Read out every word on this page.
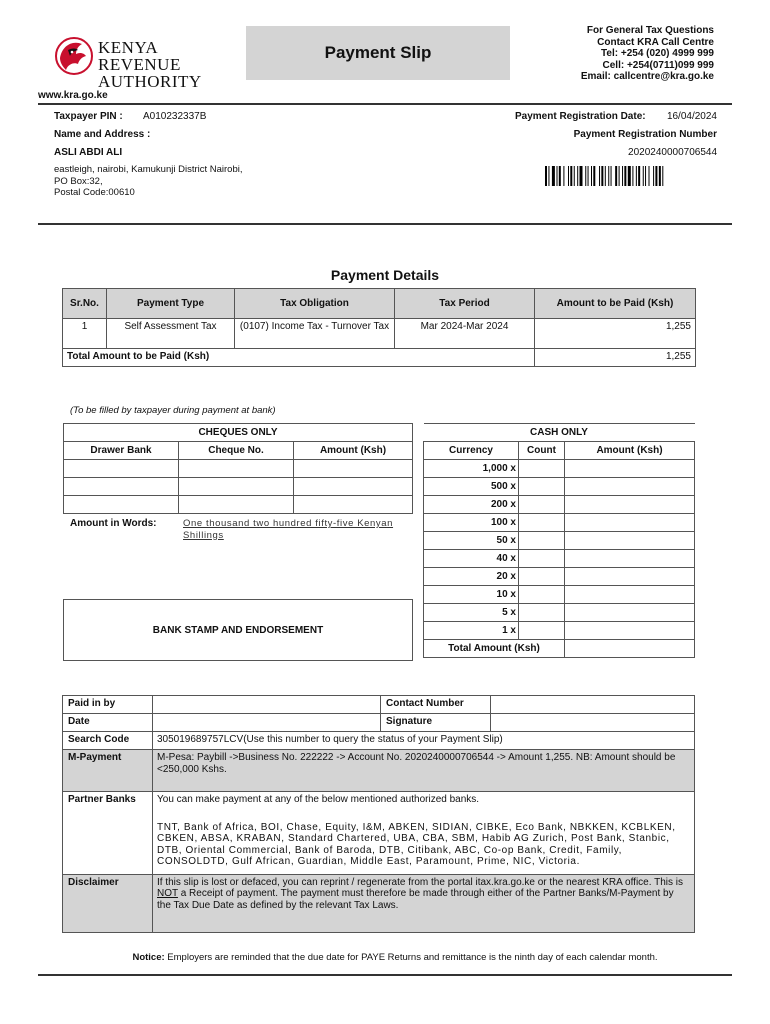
KENYA REVENUE
AUTHORITY
Payment Slip
For General Tax Questions
Contact KRA Call Centre
Tel: +254 (020) 4999 999
Cell: +254(0711)099 999
Email: callcentre@kra.go.ke
www.kra.go.ke
Taxpayer PIN : A010232337B
Name and Address :
ASLI ABDI ALI
eastleigh, nairobi, Kamukunji District Nairobi,
PO Box:32,
Postal Code:00610
Payment Registration Date: 16/04/2024
Payment Registration Number
2020240000706544
Payment Details
Sr.No.	Payment Type	Tax Obligation	Tax Period	Amount to be Paid (Ksh)
1	Self Assessment Tax	(0107) Income Tax - Turnover Tax	Mar 2024-Mar 2024	1,255
Total Amount to be Paid (Ksh)				1,255
(To be filled by taxpayer during payment at bank)
CHEQUES ONLY		
Drawer Bank	Cheque No.	Amount (Ksh)

Amount in Words:	One thousand two hundred fifty-five Kenyan Shillings
BANK STAMP AND ENDORSEMENT
CASH ONLY		
Currency	Count	Amount (Ksh)
1,000 x		
500 x		
200 x		
100 x		
50 x		
40 x		
20 x		
10 x		
5 x		
1 x		
Total Amount (Ksh)		
Paid in by		Contact Number	
Date		Signature	
Search Code	305019689757LCV(Use this number to query the status of your Payment Slip)		
M-Payment	M-Pesa: Paybill ->Business No. 222222 -> Account No. 2020240000706544 -> Amount 1,255. NB: Amount should be <250,000 Kshs.		
Partner Banks	You can make payment at any of the below mentioned authorized banks.
TNT, Bank of Africa, BOI, Chase, Equity, I&M, ABKEN, SIDIAN, CIBKE, Eco Bank, NBKKEN, KCBLKEN, CBKEN, ABSA, KRABAN, Standard Chartered, UBA, CBA, SBM, Habib AG Zurich, Post Bank, Stanbic, DTB, Oriental Commercial, Bank of Baroda, DTB, Citibank, ABC, Co-op Bank, Credit, Family, CONSOLDTD, Gulf African, Guardian, Middle East, Paramount, Prime, NIC, Victoria.		

Disclaimer	If this slip is lost or defaced, you can reprint / regenerate from the portal itax.kra.go.ke or the nearest KRA office. This is NOT a Receipt of payment. The payment must therefore be made through either of the Partner Banks/M-Payment by the Tax Due Date as defined by the relevant Tax Laws.		
Notice: Employers are reminded that the due date for PAYE Returns and remittance is the ninth day of each calendar month.
